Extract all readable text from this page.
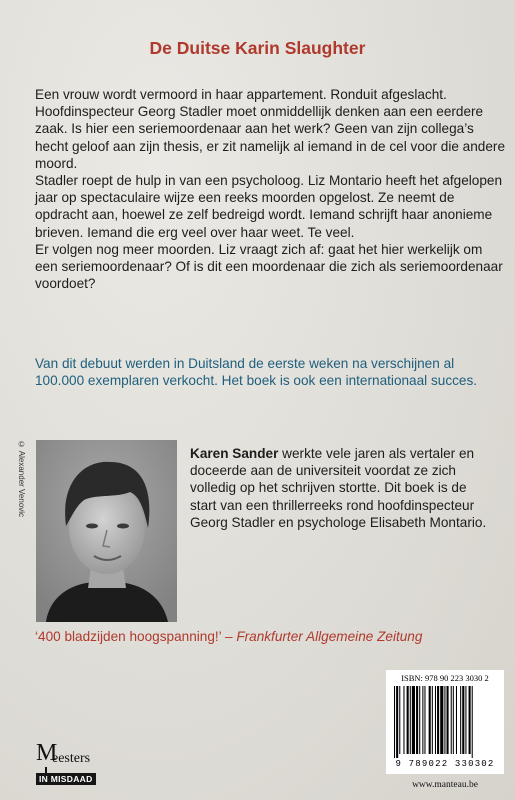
De Duitse Karin Slaughter

Een vrouw wordt vermoord in haar appartement. Ronduit afgeslacht. Hoofdinspecteur Georg Stadler moet onmiddellijk denken aan een eerdere zaak. Is hier een seriemoordenaar aan het werk? Geen van zijn collega’s hecht geloof aan zijn thesis, er zit namelijk al iemand in de cel voor die andere moord.

Stadler roept de hulp in van een psycholoog. Liz Montario heeft het afgelopen jaar op spectaculaire wijze een reeks moorden opgelost. Ze neemt de opdracht aan, hoewel ze zelf bedreigd wordt. Iemand schrijft haar anonieme brieven. Iemand die erg veel over haar weet. Te veel.

Er volgen nog meer moorden. Liz vraagt zich af: gaat het hier werkelijk om een seriemoordenaar? Of is dit een moordenaar die zich als seriemoordenaar voordoet?

Van dit debuut werden in Duitsland de eerste weken na verschijnen al 100.000 exemplaren verkocht. Het boek is ook een internationaal succes.
© Alexander Venovic	Karen Sander werkte vele jaren als vertaler en doceerde aan de universiteit voordat ze zich volledig op het schrijven stortte. Dit boek is de start van een thrillerreeks rond hoofdinspecteur Georg Stadler en psychologe Elisabeth Montario.
‘400 bladzijden hoogspanning!’ – Frankfurter Allgemeine Zeitung
M
eesters
IN MISDAAD
ISBN: 978 90 223 3030 2
9 789022 330302
www.manteau.be
